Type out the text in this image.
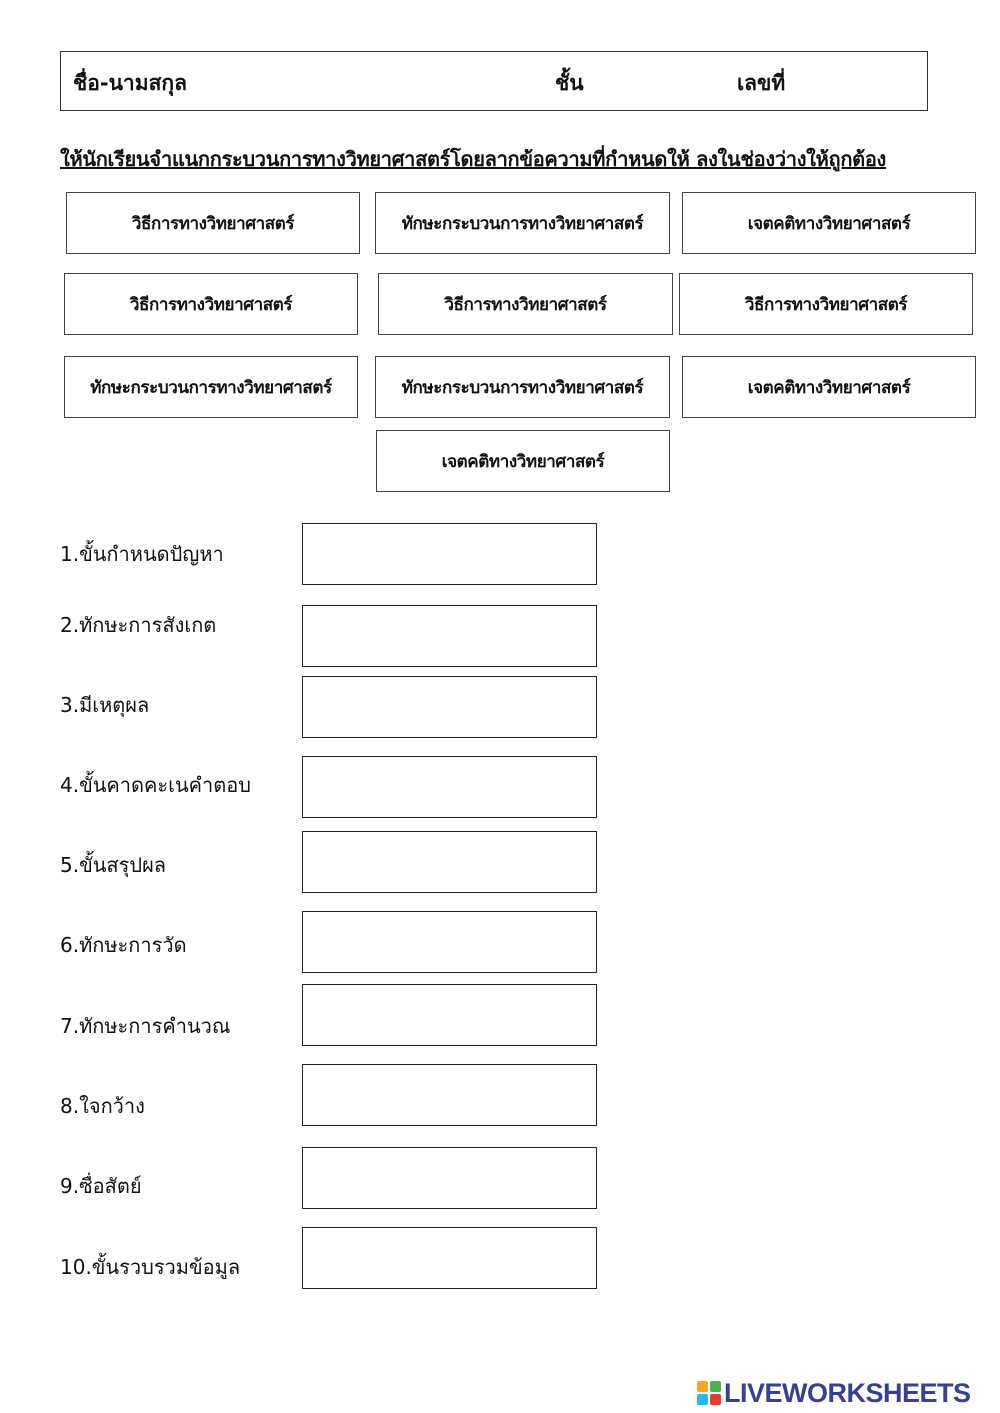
ชื่อ-นามสกุล	ชั้น	เลขที่
ให้นักเรียนจำแนกกระบวนการทางวิทยาศาสตร์โดยลากข้อความที่กำหนดให้ ลงในช่องว่างให้ถูกต้อง
วิธีการทางวิทยาศาสตร์	ทักษะกระบวนการทางวิทยาศาสตร์	เจตคติทางวิทยาศาสตร์
วิธีการทางวิทยาศาสตร์	วิธีการทางวิทยาศาสตร์	วิธีการทางวิทยาศาสตร์
ทักษะกระบวนการทางวิทยาศาสตร์	ทักษะกระบวนการทางวิทยาศาสตร์	เจตคติทางวิทยาศาสตร์
เจตคติทางวิทยาศาสตร์
1.ขั้นกำหนดปัญหา
2.ทักษะการสังเกต
3.มีเหตุผล
4.ขั้นคาดคะเนคำตอบ
5.ขั้นสรุปผล
6.ทักษะการวัด
7.ทักษะการคำนวณ
8.ใจกว้าง
9.ซื่อสัตย์
10.ขั้นรวบรวมข้อมูล
LIVEWORKSHEETS
